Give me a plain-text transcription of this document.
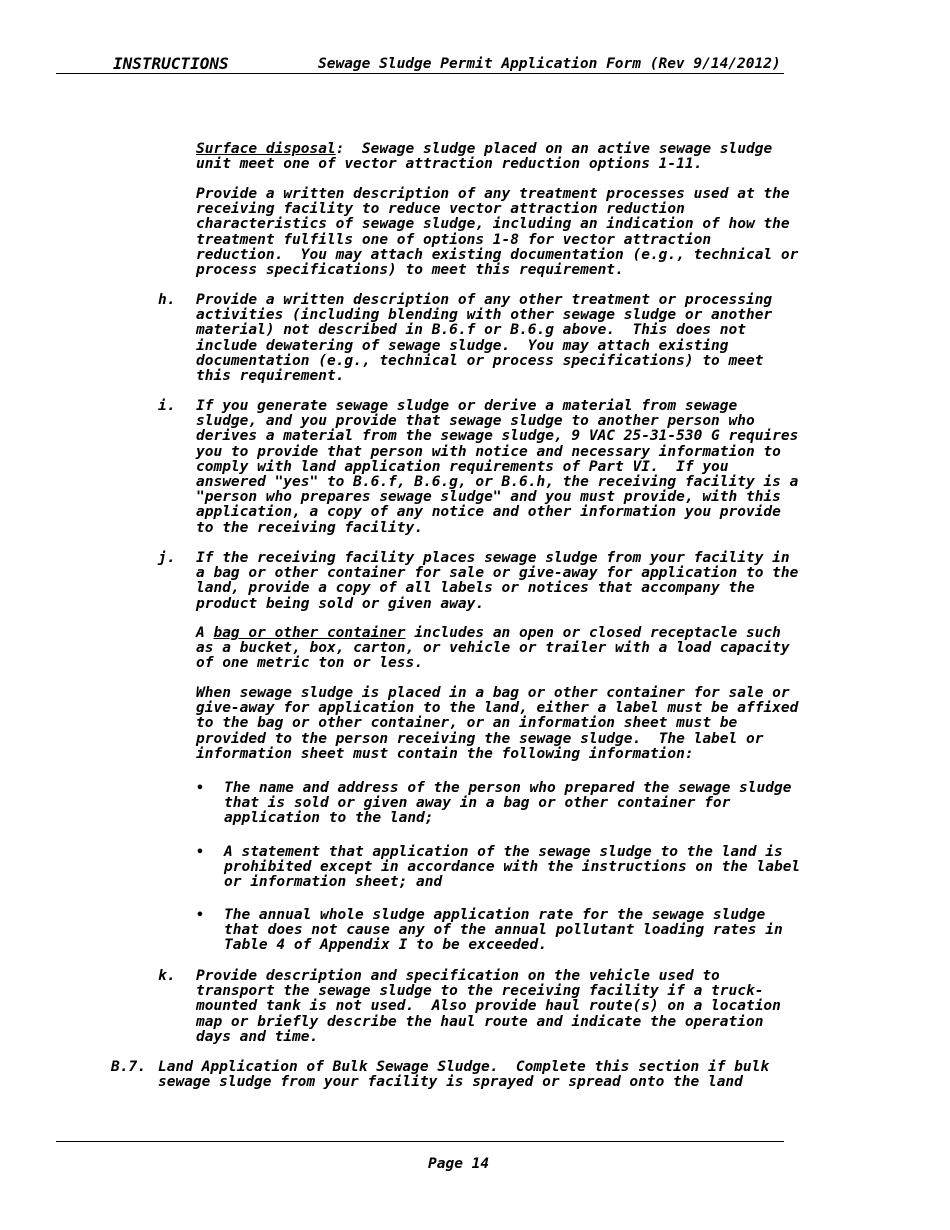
INSTRUCTIONS	Sewage Sludge Permit Application Form (Rev 9/14/2012)
Surface disposal:  Sewage sludge placed on an active sewage sludge
unit meet one of vector attraction reduction options 1-11.
Provide a written description of any treatment processes used at the
receiving facility to reduce vector attraction reduction
characteristics of sewage sludge, including an indication of how the
treatment fulfills one of options 1-8 for vector attraction
reduction.  You may attach existing documentation (e.g., technical or
process specifications) to meet this requirement.
h. Provide a written description of any other treatment or processing
activities (including blending with other sewage sludge or another
material) not described in B.6.f or B.6.g above.  This does not
include dewatering of sewage sludge.  You may attach existing
documentation (e.g., technical or process specifications) to meet
this requirement.
i. If you generate sewage sludge or derive a material from sewage
sludge, and you provide that sewage sludge to another person who
derives a material from the sewage sludge, 9 VAC 25-31-530 G requires
you to provide that person with notice and necessary information to
comply with land application requirements of Part VI.  If you
answered "yes" to B.6.f, B.6.g, or B.6.h, the receiving facility is a
"person who prepares sewage sludge" and you must provide, with this
application, a copy of any notice and other information you provide
to the receiving facility.
j. If the receiving facility places sewage sludge from your facility in
a bag or other container for sale or give-away for application to the
land, provide a copy of all labels or notices that accompany the
product being sold or given away.
A bag or other container includes an open or closed receptacle such
as a bucket, box, carton, or vehicle or trailer with a load capacity
of one metric ton or less.
When sewage sludge is placed in a bag or other container for sale or
give-away for application to the land, either a label must be affixed
to the bag or other container, or an information sheet must be
provided to the person receiving the sewage sludge.  The label or
information sheet must contain the following information:
• The name and address of the person who prepared the sewage sludge
that is sold or given away in a bag or other container for
application to the land;
• A statement that application of the sewage sludge to the land is
prohibited except in accordance with the instructions on the label
or information sheet; and
• The annual whole sludge application rate for the sewage sludge
that does not cause any of the annual pollutant loading rates in
Table 4 of Appendix I to be exceeded.
k. Provide description and specification on the vehicle used to
transport the sewage sludge to the receiving facility if a truck-
mounted tank is not used.  Also provide haul route(s) on a location
map or briefly describe the haul route and indicate the operation
days and time.
B.7. Land Application of Bulk Sewage Sludge.  Complete this section if bulk
sewage sludge from your facility is sprayed or spread onto the land
Page 14
